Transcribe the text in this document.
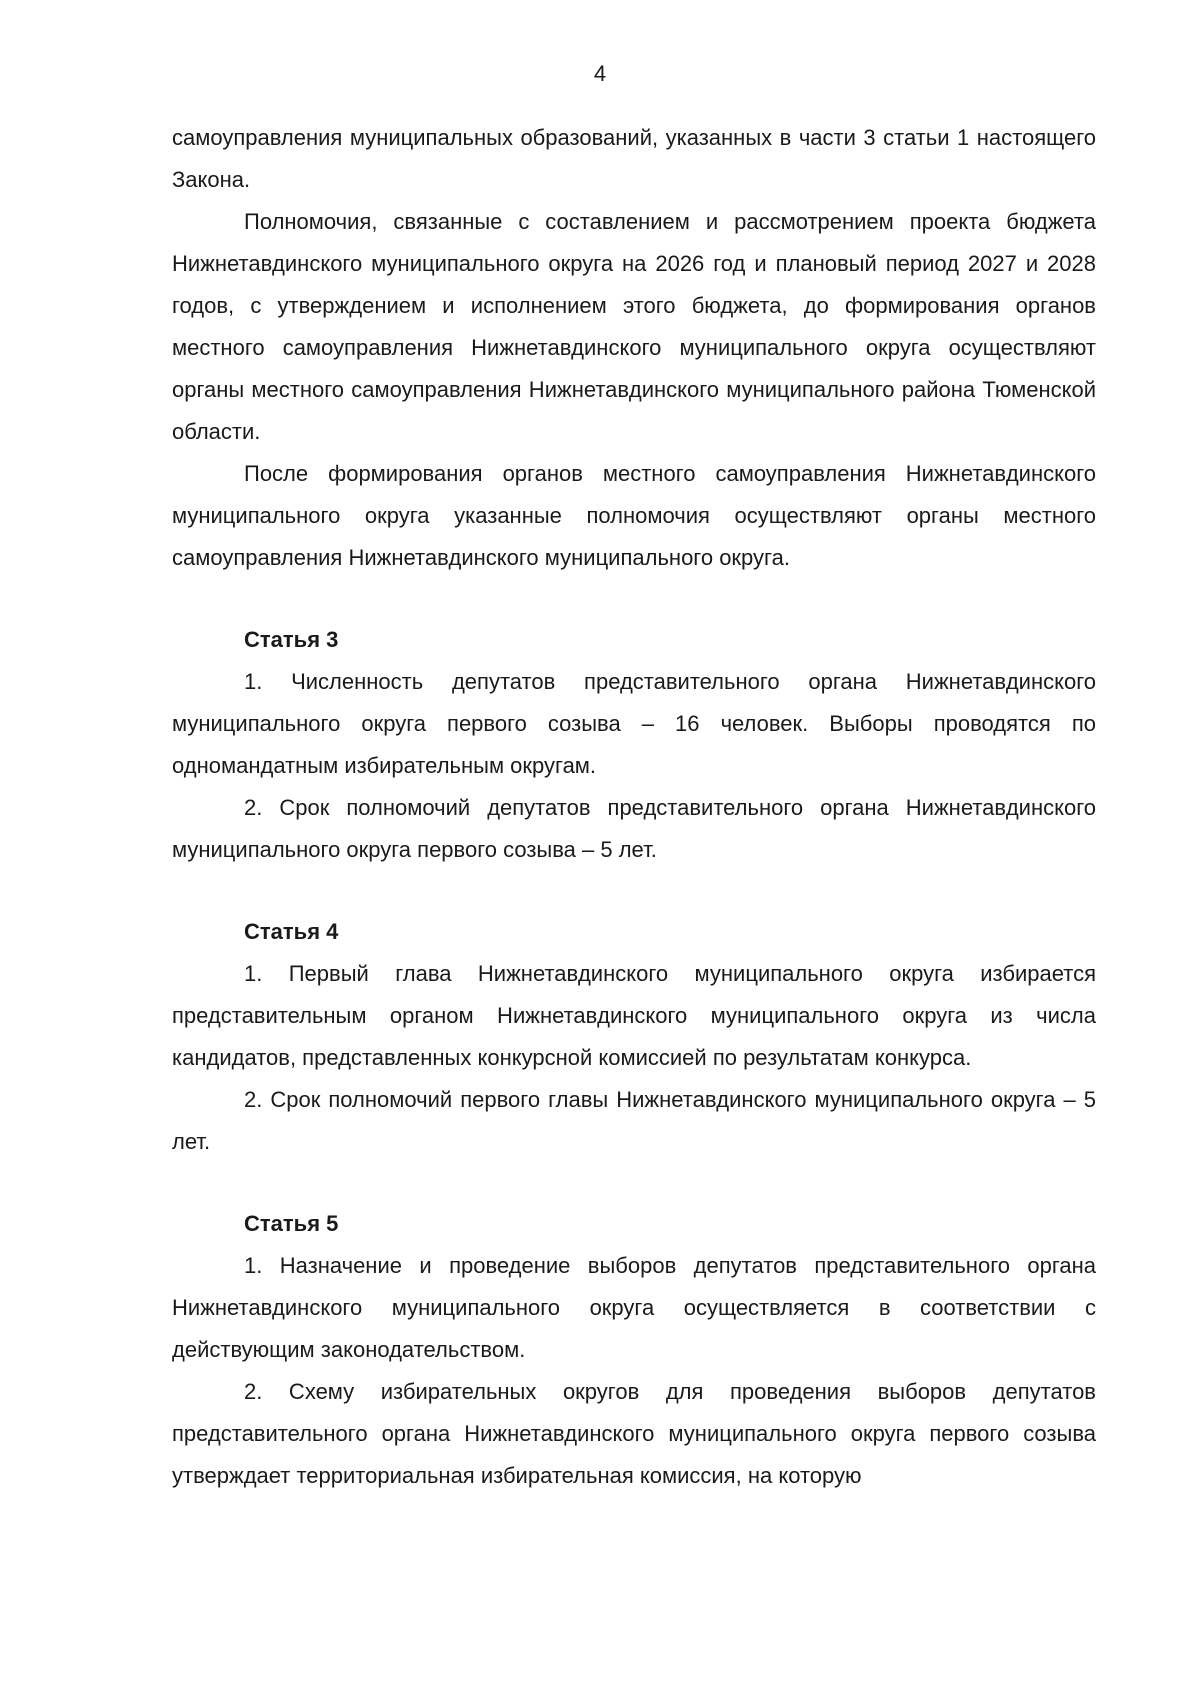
4

самоуправления муниципальных образований, указанных в части 3 статьи 1 настоящего Закона.

Полномочия, связанные с составлением и рассмотрением проекта бюджета Нижнетавдинского муниципального округа на 2026 год и плановый период 2027 и 2028 годов, с утверждением и исполнением этого бюджета, до формирования органов местного самоуправления Нижнетавдинского муниципального округа осуществляют органы местного самоуправления Нижнетавдинского муниципального района Тюменской области.

После формирования органов местного самоуправления Нижнетавдинского муниципального округа указанные полномочия осуществляют органы местного самоуправления Нижнетавдинского муниципального округа.

Статья 3

1. Численность депутатов представительного органа Нижнетавдинского муниципального округа первого созыва – 16 человек. Выборы проводятся по одномандатным избирательным округам.

2. Срок полномочий депутатов представительного органа Нижнетавдинского муниципального округа первого созыва – 5 лет.

Статья 4

1. Первый глава Нижнетавдинского муниципального округа избирается представительным органом Нижнетавдинского муниципального округа из числа кандидатов, представленных конкурсной комиссией по результатам конкурса.

2. Срок полномочий первого главы Нижнетавдинского муниципального округа – 5 лет.

Статья 5

1. Назначение и проведение выборов депутатов представительного органа Нижнетавдинского муниципального округа осуществляется в соответствии с действующим законодательством.

2. Схему избирательных округов для проведения выборов депутатов представительного органа Нижнетавдинского муниципального округа первого созыва утверждает территориальная избирательная комиссия, на которую
